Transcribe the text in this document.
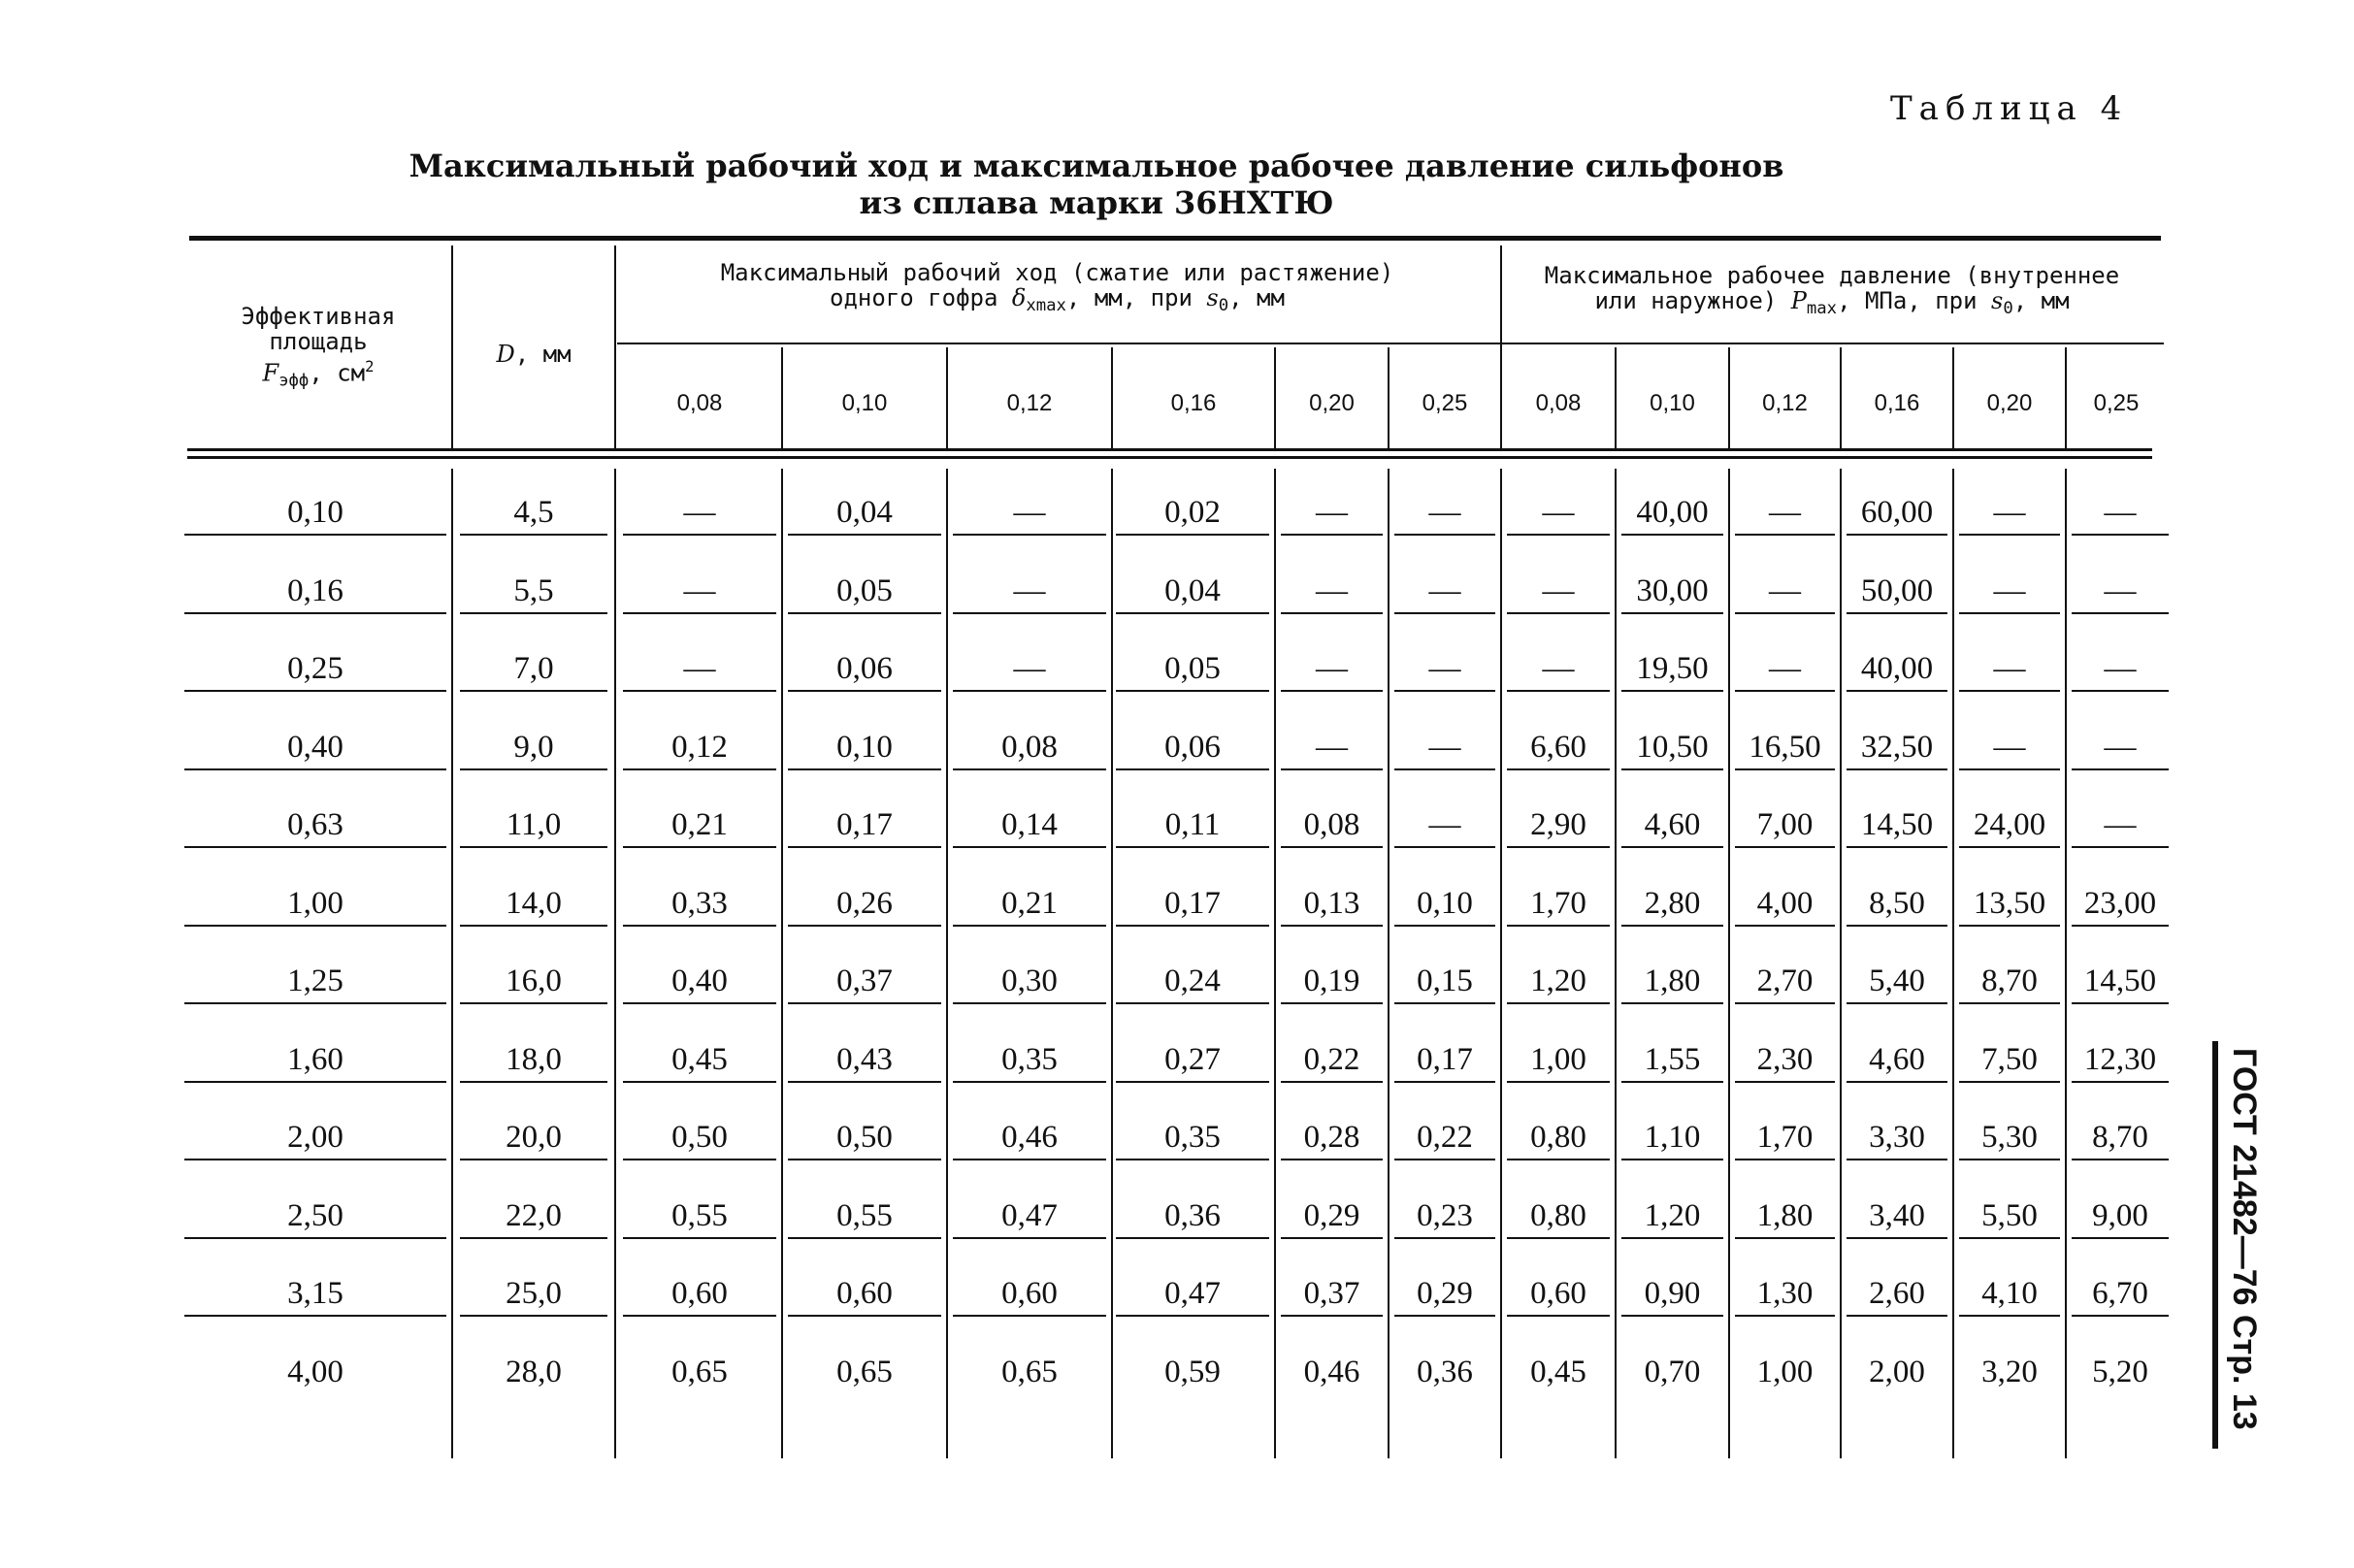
Таблица 4
Максимальный рабочий ход и максимальное рабочее давление сильфонов
из сплава марки 36НХТЮ
Эффективная
площадь
$F_{эфф}$, $см^2$	D, мм
Максимальный рабочий ход (сжатие или растяжение)
одного гофра $\delta_{xmax}$, мм, при $s_0$, мм
Максимальное рабочее давление (внутреннее
или наружное) $P_{max}$, МПа, при $s_0$, мм
0,08	0,10	0,12	0,16	0,20	0,25	0,08	0,10	0,12	0,16	0,20	0,25
0,10	4,5	—	0,04	—	0,02	—	—	—	40,00	—	60,00	—	—
0,16	5,5	—	0,05	—	0,04	—	—	—	30,00	—	50,00	—	—
0,25	7,0	—	0,06	—	0,05	—	—	—	19,50	—	40,00	—	—
0,40	9,0	0,12	0,10	0,08	0,06	—	—	6,60	10,50	16,50	32,50	—	—
0,63	11,0	0,21	0,17	0,14	0,11	0,08	—	2,90	4,60	7,00	14,50	24,00	—
1,00	14,0	0,33	0,26	0,21	0,17	0,13	0,10	1,70	2,80	4,00	8,50	13,50	23,00
1,25	16,0	0,40	0,37	0,30	0,24	0,19	0,15	1,20	1,80	2,70	5,40	8,70	14,50
1,60	18,0	0,45	0,43	0,35	0,27	0,22	0,17	1,00	1,55	2,30	4,60	7,50	12,30
2,00	20,0	0,50	0,50	0,46	0,35	0,28	0,22	0,80	1,10	1,70	3,30	5,30	8,70
2,50	22,0	0,55	0,55	0,47	0,36	0,29	0,23	0,80	1,20	1,80	3,40	5,50	9,00
3,15	25,0	0,60	0,60	0,60	0,47	0,37	0,29	0,60	0,90	1,30	2,60	4,10	6,70
4,00	28,0	0,65	0,65	0,65	0,59	0,46	0,36	0,45	0,70	1,00	2,00	3,20	5,20	ГОСТ 21482—76 Стр. 13
